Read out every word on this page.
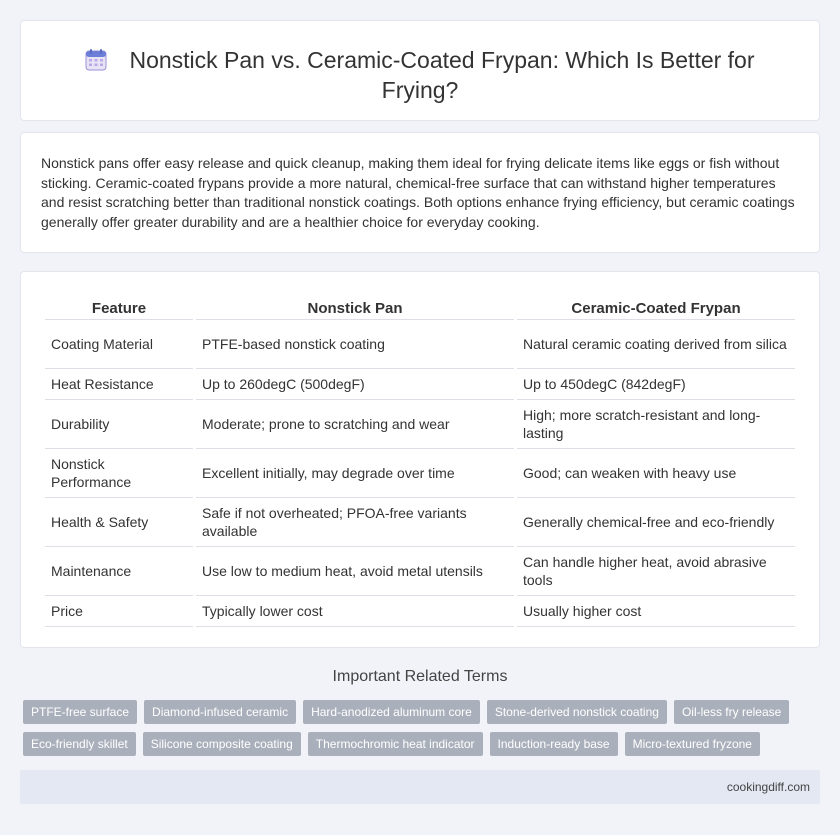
Nonstick Pan vs. Ceramic-Coated Frypan: Which Is Better for Frying?

Nonstick pans offer easy release and quick cleanup, making them ideal for frying delicate items like eggs or fish without sticking. Ceramic-coated frypans provide a more natural, chemical-free surface that can withstand higher temperatures and resist scratching better than traditional nonstick coatings. Both options enhance frying efficiency, but ceramic coatings generally offer greater durability and are a healthier choice for everyday cooking.

Feature	Nonstick Pan	Ceramic-Coated Frypan
Coating Material	PTFE-based nonstick coating	Natural ceramic coating derived from silica
Heat Resistance	Up to 260degC (500degF)	Up to 450degC (842degF)
Durability	Moderate; prone to scratching and wear	High; more scratch-resistant and long-lasting
Nonstick Performance	Excellent initially, may degrade over time	Good; can weaken with heavy use
Health & Safety	Safe if not overheated; PFOA-free variants available	Generally chemical-free and eco-friendly
Maintenance	Use low to medium heat, avoid metal utensils	Can handle higher heat, avoid abrasive tools
Price	Typically lower cost	Usually higher cost
Important Related Terms
PTFE-free surface	Diamond-infused ceramic	Hard-anodized aluminum core	Stone-derived nonstick coating	Oil-less fry release
Eco-friendly skillet	Silicone composite coating	Thermochromic heat indicator	Induction-ready base	Micro-textured fryzone
cookingdiff.com
